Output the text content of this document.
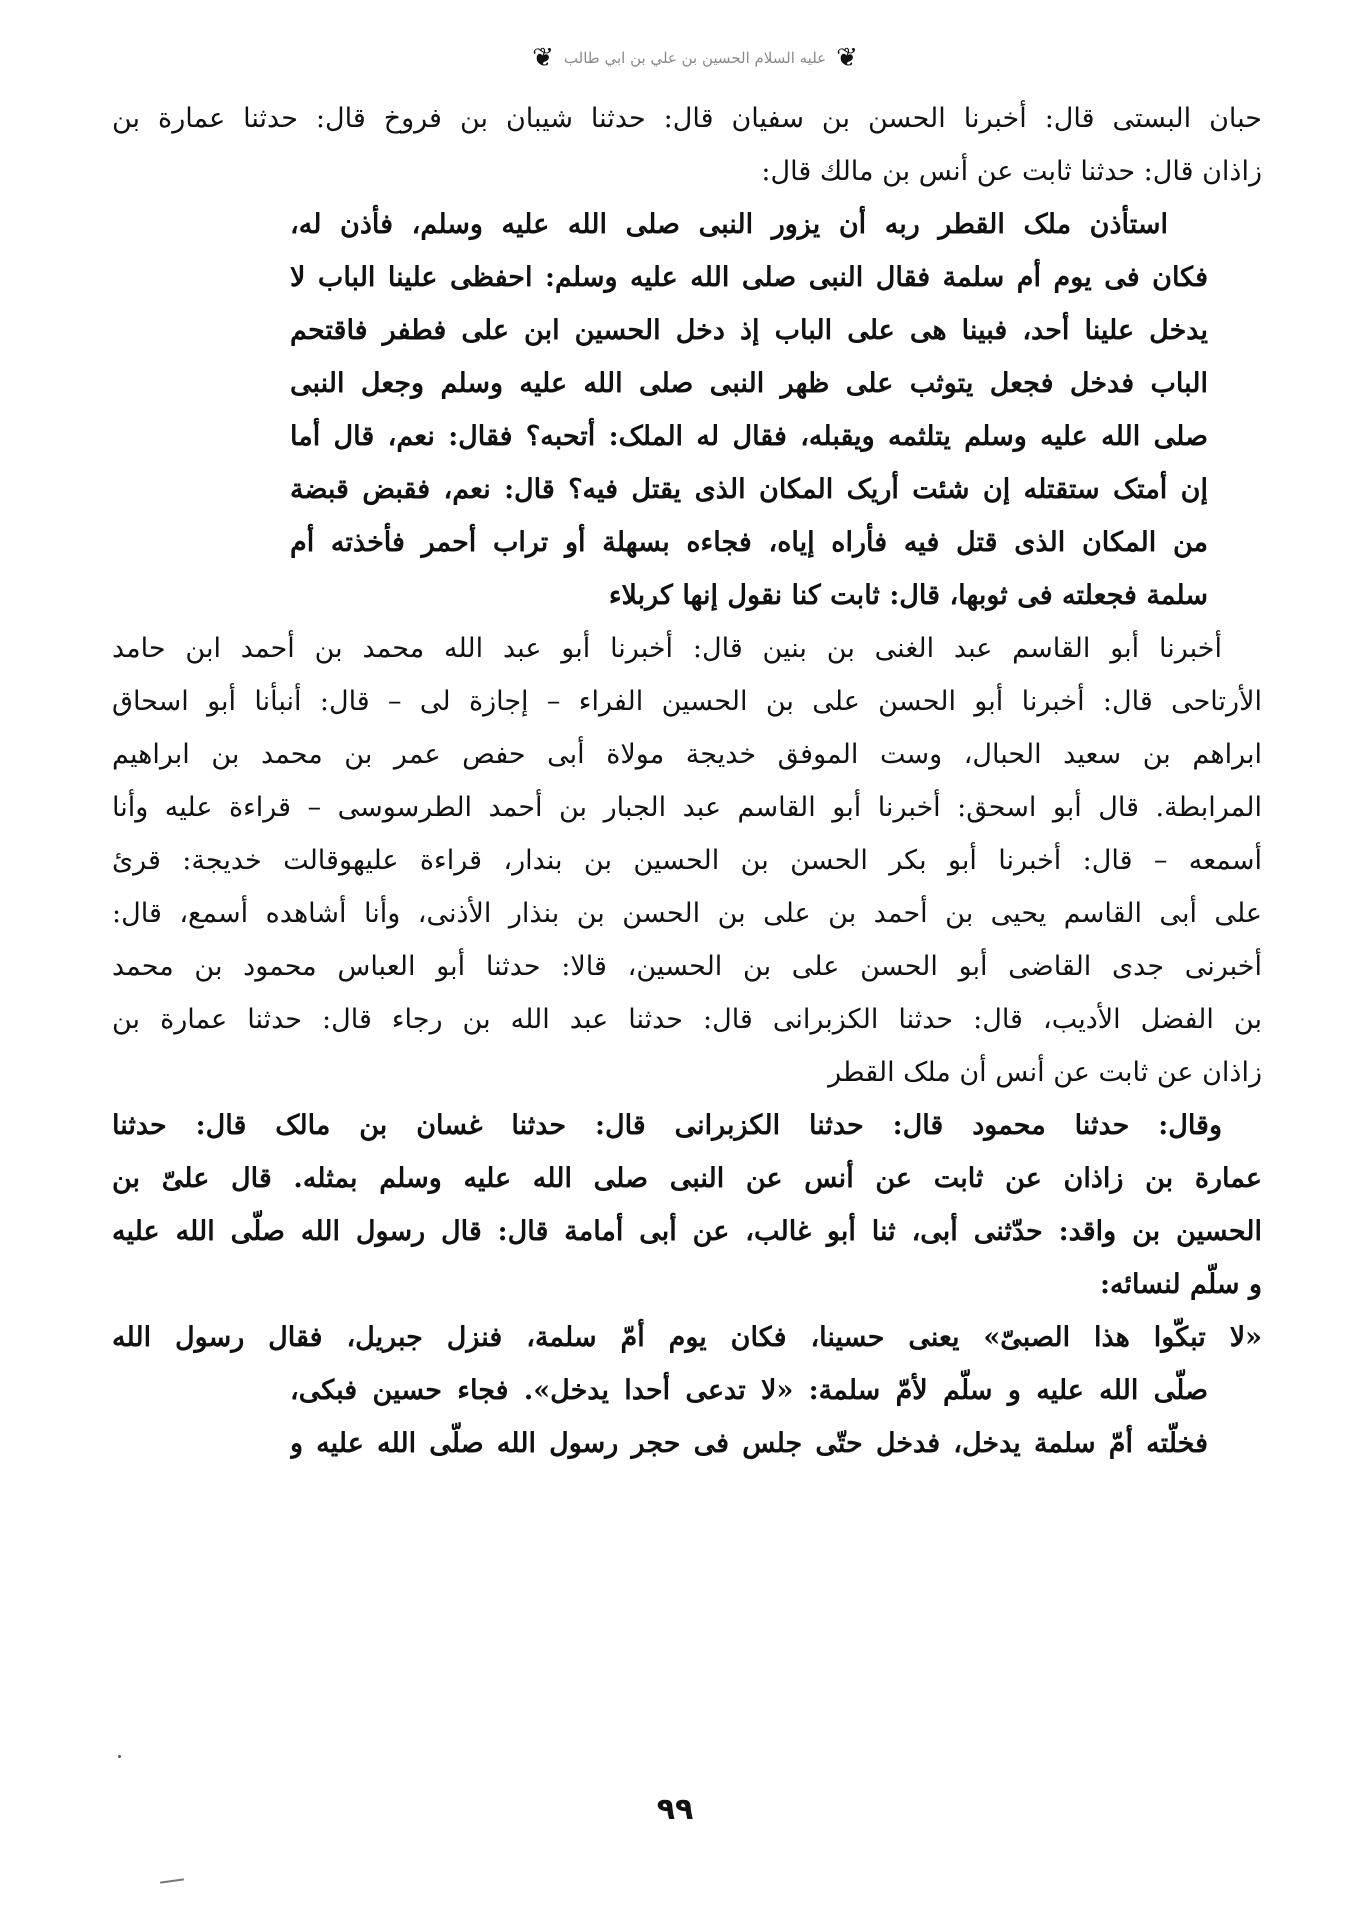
❦
عليه السلام الحسين بن علي بن ابي طالب
❦
حبان البستى قال: أخبرنا الحسن بن سفيان قال: حدثنا شيبان بن فروخ قال: حدثنا عمارة بن
زاذان قال: حدثنا ثابت عن أنس بن مالك قال:
استأذن ملک القطر ربه أن يزور النبى صلى الله عليه وسلم، فأذن له،
فكان فى يوم أم سلمة فقال النبى صلى الله عليه وسلم: احفظى علينا الباب لا
يدخل علينا أحد، فبينا هى على الباب إذ دخل الحسين ابن على فطفر فاقتحم
الباب فدخل فجعل يتوثب على ظهر النبى صلى الله عليه وسلم وجعل النبى
صلى الله عليه وسلم يتلثمه ويقبله، فقال له الملک: أتحبه؟ فقال: نعم، قال أما
إن أمتک ستقتله إن شئت أريک المكان الذى يقتل فيه؟ قال: نعم، فقبض قبضة
من المكان الذى قتل فيه فأراه إياه، فجاءه بسهلة أو تراب أحمر فأخذته أم
سلمة فجعلته فى ثوبها، قال: ثابت كنا نقول إنها كربلاء
أخبرنا أبو القاسم عبد الغنى بن بنين قال: أخبرنا أبو عبد الله محمد بن أحمد ابن حامد
الأرتاحى قال: أخبرنا أبو الحسن على بن الحسين الفراء – إجازة لى – قال: أنبأنا أبو اسحاق
ابراهم بن سعيد الحبال، وست الموفق خديجة مولاة أبى حفص عمر بن محمد بن ابراهيم
المرابطة. قال أبو اسحق: أخبرنا أبو القاسم عبد الجبار بن أحمد الطرسوسى – قراءة عليه وأنا
أسمعه – قال: أخبرنا أبو بكر الحسن بن الحسين بن بندار، قراءة عليهوقالت خديجة: قرئ
على أبى القاسم يحيى بن أحمد بن على بن الحسن بن بنذار الأذنى، وأنا أشاهده أسمع، قال:
أخبرنى جدى القاضى أبو الحسن على بن الحسين، قالا: حدثنا أبو العباس محمود بن محمد
بن الفضل الأديب، قال: حدثنا الكزبرانى قال: حدثنا عبد الله بن رجاء قال: حدثنا عمارة بن
زاذان عن ثابت عن أنس أن ملک القطر
وقال: حدثنا محمود قال: حدثنا الكزبرانى قال: حدثنا غسان بن مالک قال: حدثنا
عمارة بن زاذان عن ثابت عن أنس عن النبى صلى الله عليه وسلم بمثله. قال علىّ بن
الحسين بن واقد: حدّثنى أبى، ثنا أبو غالب، عن أبى أمامة قال: قال رسول الله صلّى الله عليه
و سلّم لنسائه:
«لا تبكّوا هذا الصبىّ» يعنى حسينا، فكان يوم أمّ سلمة، فنزل جبريل، فقال رسول الله
صلّى الله عليه و سلّم لأمّ سلمة: «لا تدعى أحدا يدخل». فجاء حسين فبكى،
فخلّته أمّ سلمة يدخل، فدخل حتّى جلس فى حجر رسول الله صلّى الله عليه و
٩٩
